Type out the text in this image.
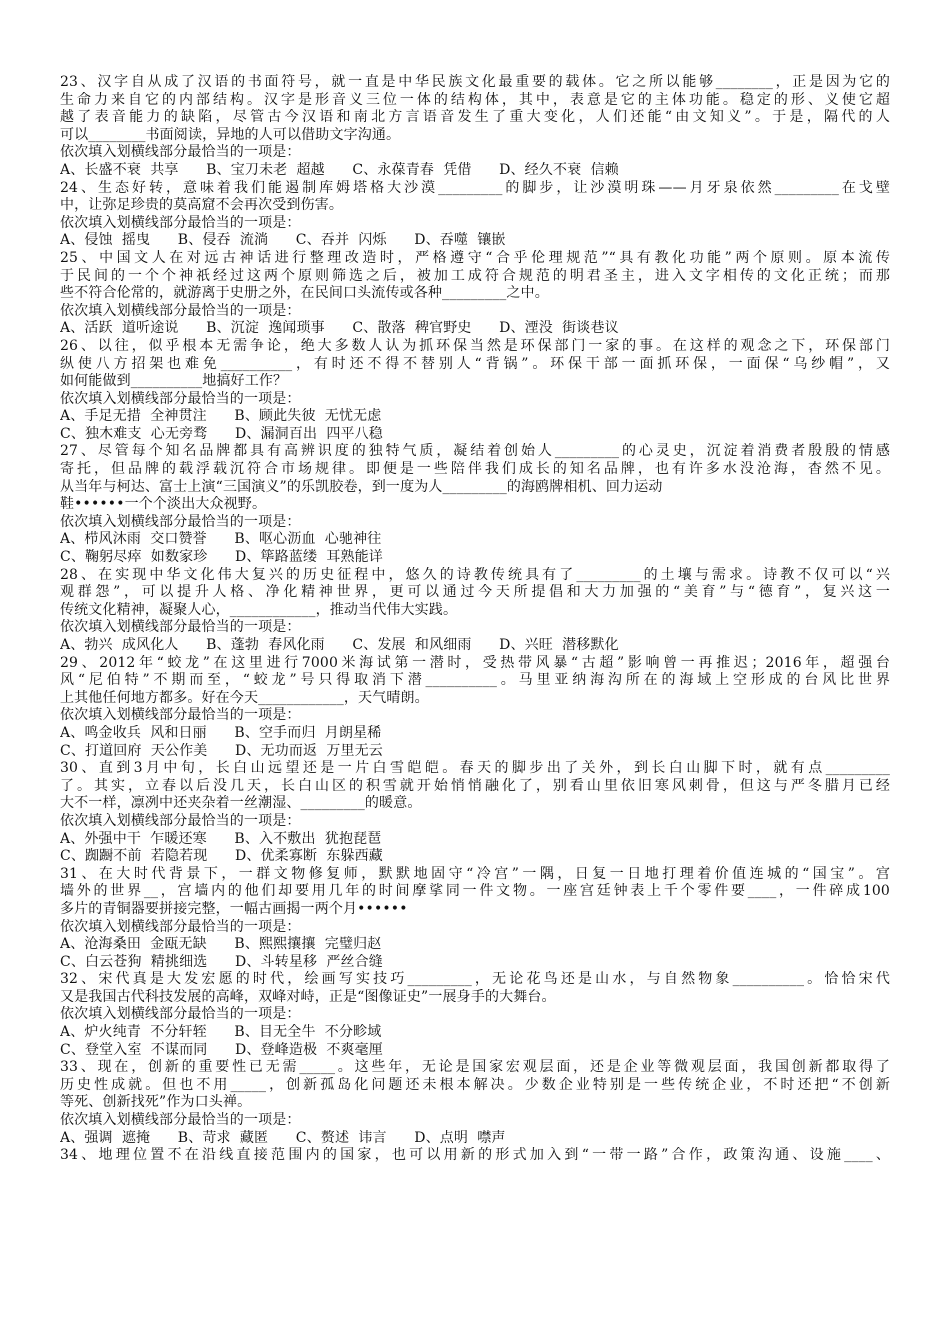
23、汉字自从成了汉语的书面符号，就一直是中华民族文化最重要的载体。它之所以能够________，正是因为它的
生命力来自它的内部结构。汉字是形音义三位一体的结构体，其中，表意是它的主体功能。稳定的形、义使它超
越了表音能力的缺陷，尽管古今汉语和南北方言语音发生了重大变化，人们还能“由文知义”。于是，隔代的人
可以________书面阅读，异地的人可以借助文字沟通。
依次填入划横线部分最恰当的一项是：
A、长盛不衰  共享      B、宝刀未老  超越      C、永葆青春  凭借      D、经久不衰  信赖
24、生态好转，意味着我们能遏制库姆塔格大沙漠_________的脚步，让沙漠明珠——月牙泉依然_________在戈壁
中，让弥足珍贵的莫高窟不会再次受到伤害。
依次填入划横线部分最恰当的一项是：
A、侵蚀  摇曳      B、侵吞  流淌      C、吞并  闪烁      D、吞噬  镶嵌
25、中国文人在对远古神话进行整理改造时，严格遵守“合乎伦理规范”“具有教化功能”两个原则。原本流传
于民间的一个个神祇经过这两个原则筛选之后，被加工成符合规范的明君圣主，进入文字相传的文化正统；而那
些不符合伦常的，就游离于史册之外，在民间口头流传或各种_________之中。
依次填入划横线部分最恰当的一项是：
A、活跃  道听途说      B、沉淀  逸闻琐事      C、散落  稗官野史      D、湮没  街谈巷议
26、以往，似乎根本无需争论，绝大多数人认为抓环保当然是环保部门一家的事。在这样的观念之下，环保部门
纵使八方招架也难免__________，有时还不得不替别人“背锅”。环保干部一面抓环保，一面保“乌纱帽”，又
如何能做到__________地搞好工作？
依次填入划横线部分最恰当的一项是：
A、手足无措  全神贯注      B、顾此失彼  无忧无虑
C、独木难支  心无旁骛      D、漏洞百出  四平八稳
27、尽管每个知名品牌都具有高辨识度的独特气质，凝结着创始人_________的心灵史，沉淀着消费者殷殷的情感
寄托，但品牌的载浮载沉符合市场规律。即便是一些陪伴我们成长的知名品牌，也有许多水没沧海，杳然不见。
从当年与柯达、富士上演“三国演义”的乐凯胶卷，到一度为人_________的海鸥牌相机、回力运动
鞋••••••一个个淡出大众视野。
依次填入划横线部分最恰当的一项是：
A、栉风沐雨  交口赞誉      B、呕心沥血  心驰神往
C、鞠躬尽瘁  如数家珍      D、筚路蓝缕  耳熟能详
28、在实现中华文化伟大复兴的历史征程中，悠久的诗教传统具有了_________的土壤与需求。诗教不仅可以“兴
观群怨”，可以提升人格、净化精神世界，更可以通过今天所提倡和大力加强的“美育”与“德育”，复兴这一
传统文化精神，凝聚人心，____________，推动当代伟大实践。
依次填入划横线部分最恰当的一项是：
A、勃兴  成风化人      B、蓬勃  春风化雨      C、发展  和风细雨      D、兴旺  潜移默化
29、2012年“蛟龙”在这里进行7000米海试第一潜时，受热带风暴“古超”影响曾一再推迟；2016年，超强台
风“尼伯特”不期而至，“蛟龙”号只得取消下潜__________。马里亚纳海沟所在的海域上空形成的台风比世界
上其他任何地方都多。好在今天____________，天气晴朗。
依次填入划横线部分最恰当的一项是：
A、鸣金收兵  风和日丽      B、空手而归  月朗星稀
C、打道回府  天公作美      D、无功而返  万里无云
30、直到3月中旬，长白山远望还是一片白雪皑皑。春天的脚步出了关外，到长白山脚下时，就有点_________
了。其实，立春以后没几天，长白山区的积雪就开始悄悄融化了，别看山里依旧寒风刺骨，但这与严冬腊月已经
大不一样，凛冽中还夹杂着一丝潮湿、_________的暖意。
依次填入划横线部分最恰当的一项是：
A、外强中干  乍暖还寒      B、入不敷出  犹抱琵琶
C、踟蹰不前  若隐若现      D、优柔寡断  东躲西藏
31、在大时代背景下，一群文物修复师，默默地固守“冷宫”一隅，日复一日地打理着价值连城的“国宝”。宫
墙外的世界__，宫墙内的他们却要用几年的时间摩挲同一件文物。一座宫廷钟表上千个零件要____，一件碎成100
多片的青铜器要拼接完整，一幅古画揭一两个月••••••
依次填入划横线部分最恰当的一项是：
A、沧海桑田  金瓯无缺      B、熙熙攘攘  完璧归赵
C、白云苍狗  精挑细选      D、斗转星移  严丝合缝
32、宋代真是大发宏愿的时代，绘画写实技巧_________，无论花鸟还是山水，与自然物象__________。恰恰宋代
又是我国古代科技发展的高峰，双峰对峙，正是“图像证史”一展身手的大舞台。
依次填入划横线部分最恰当的一项是：
A、炉火纯青  不分轩轾      B、目无全牛  不分畛域
C、登堂入室  不谋而同      D、登峰造极  不爽毫厘
33、现在，创新的重要性已无需_____。这些年，无论是国家宏观层面，还是企业等微观层面，我国创新都取得了
历史性成就。但也不用_____，创新孤岛化问题还未根本解决。少数企业特别是一些传统企业，不时还把“不创新
等死、创新找死”作为口头禅。
依次填入划横线部分最恰当的一项是：
A、强调  遮掩      B、苛求  藏匿      C、赘述  讳言      D、点明  噤声
34、地理位置不在沿线直接范围内的国家，也可以用新的形式加入到“一带一路”合作，政策沟通、设施____、
